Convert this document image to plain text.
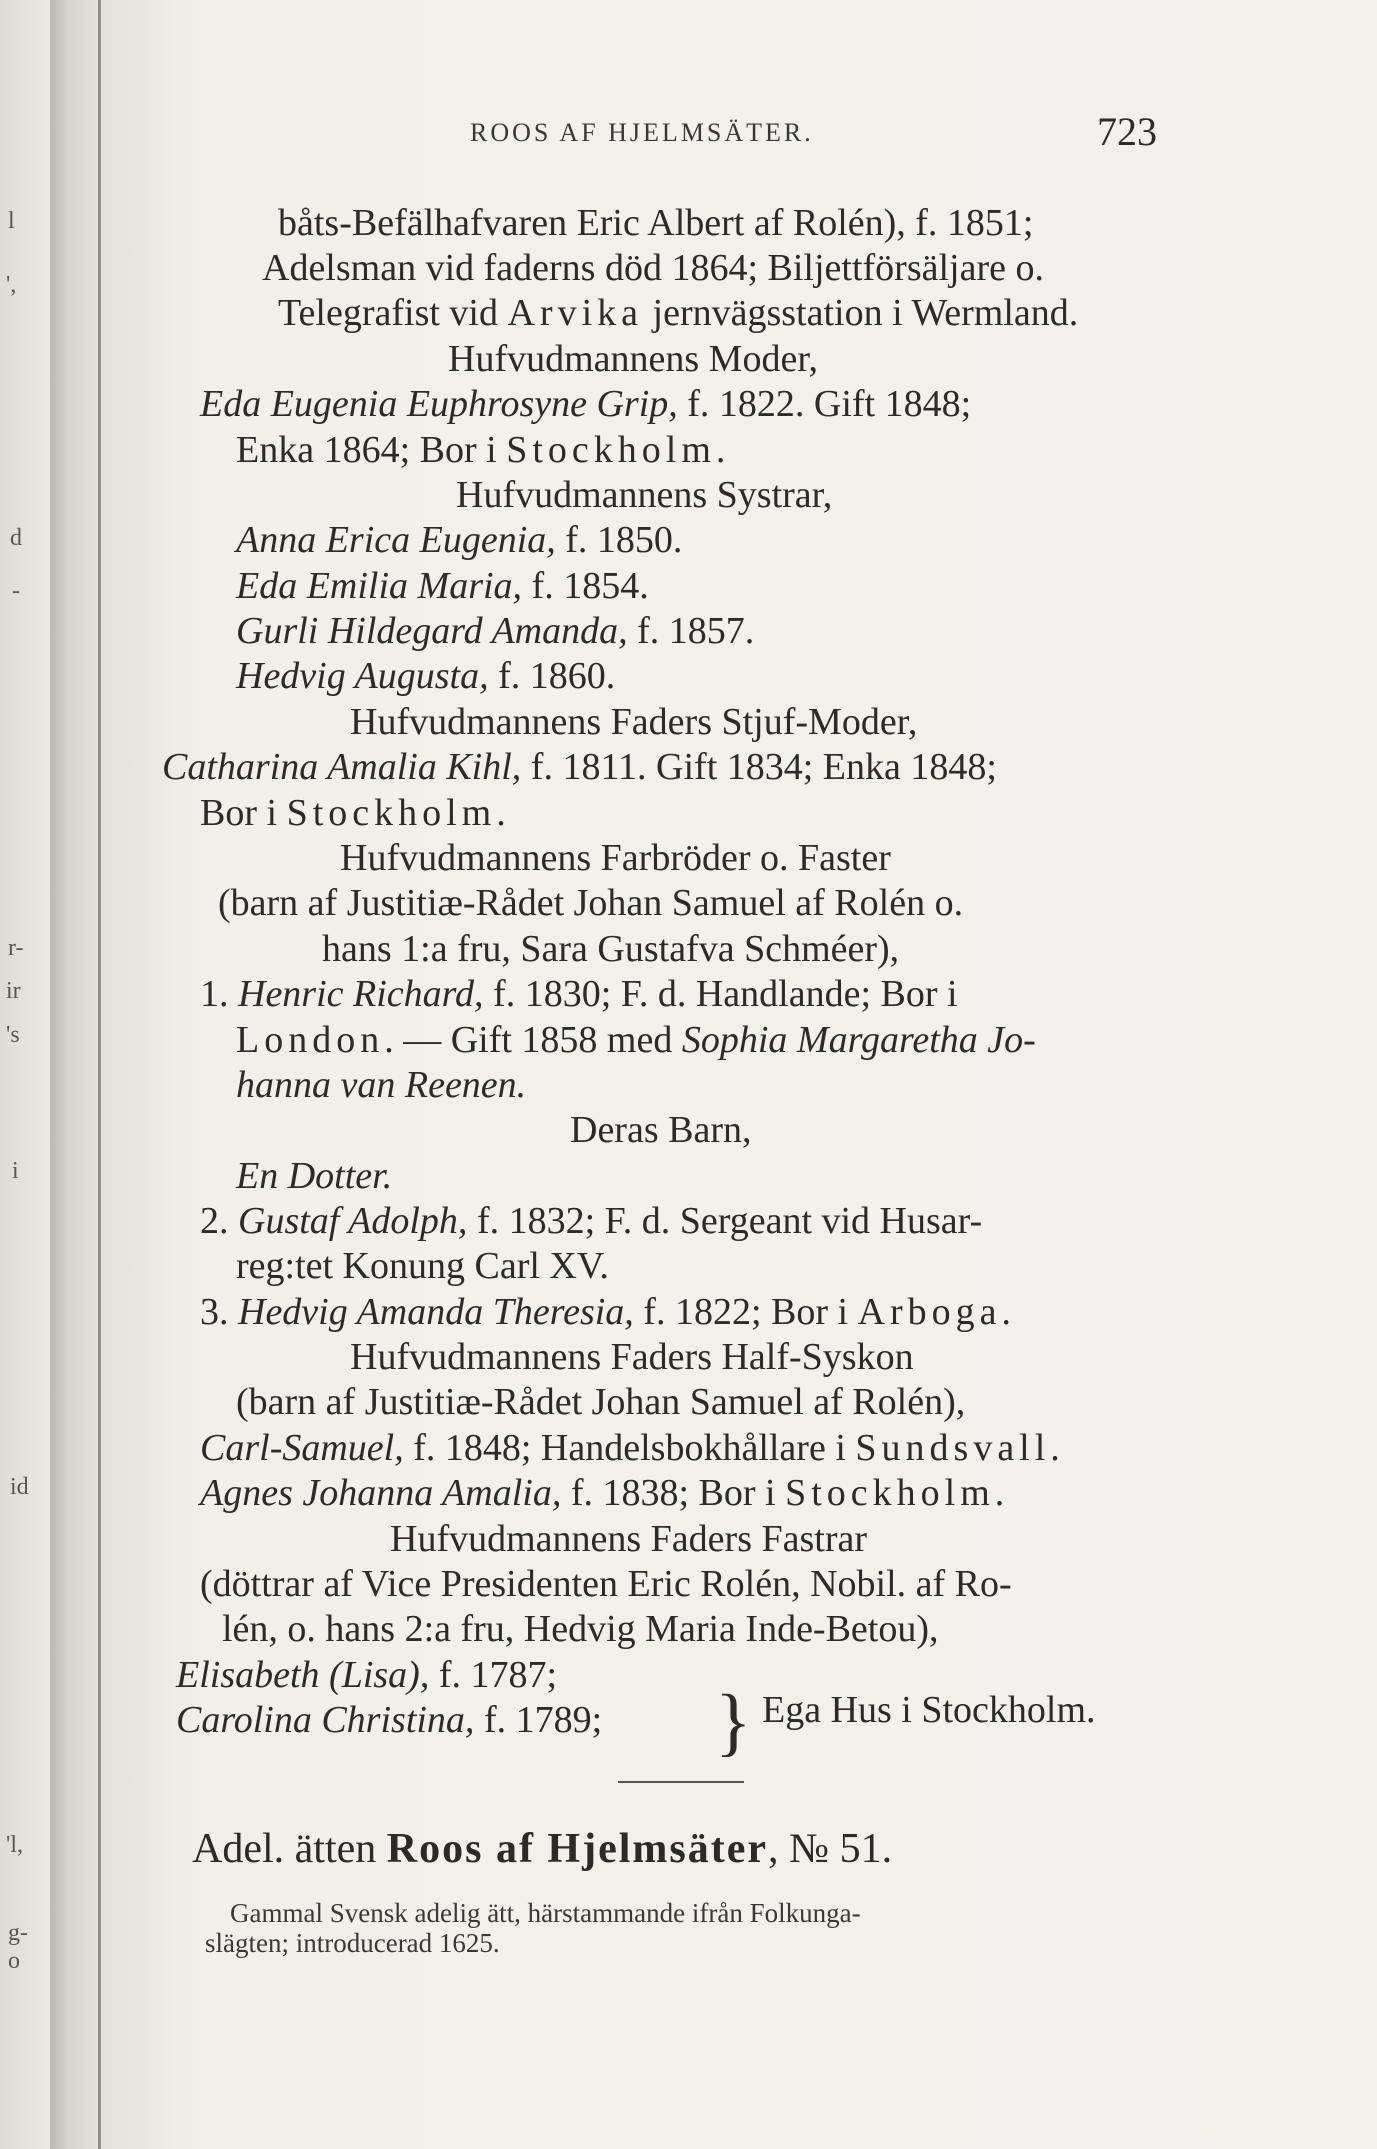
l
',
d
-
r-
ir
's
i
id
'l,
g-
o
ROOS AF HJELMSÄTER.	723
båts-Befälhafvaren Eric Albert af Rolén), f. 1851;
Adelsman vid faderns död 1864; Biljettförsäljare o.
Telegrafist vid Arvika jernvägsstation i Wermland.
Hufvudmannens Moder,
Eda Eugenia Euphrosyne Grip, f. 1822. Gift 1848;
Enka 1864; Bor i Stockholm.
Hufvudmannens Systrar,
Anna Erica Eugenia, f. 1850.
Eda Emilia Maria, f. 1854.
Gurli Hildegard Amanda, f. 1857.
Hedvig Augusta, f. 1860.
Hufvudmannens Faders Stjuf-Moder,
Catharina Amalia Kihl, f. 1811. Gift 1834; Enka 1848;
Bor i Stockholm.
Hufvudmannens Farbröder o. Faster
(barn af Justitiæ-Rådet Johan Samuel af Rolén o.
hans 1:a fru, Sara Gustafva Schméer),
1. Henric Richard, f. 1830; F. d. Handlande; Bor i
London. — Gift 1858 med Sophia Margaretha Jo-
hanna van Reenen.
Deras Barn,
En Dotter.
2. Gustaf Adolph, f. 1832; F. d. Sergeant vid Husar-
reg:tet Konung Carl XV.
3. Hedvig Amanda Theresia, f. 1822; Bor i Arboga.
Hufvudmannens Faders Half-Syskon
(barn af Justitiæ-Rådet Johan Samuel af Rolén),
Carl-Samuel, f. 1848; Handelsbokhållare i Sundsvall.
Agnes Johanna Amalia, f. 1838; Bor i Stockholm.
Hufvudmannens Faders Fastrar
(döttrar af Vice Presidenten Eric Rolén, Nobil. af Ro-
lén, o. hans 2:a fru, Hedvig Maria Inde-Betou),
Elisabeth (Lisa), f. 1787;
Carolina Christina, f. 1789; } Ega Hus i Stockholm.
Adel. ätten Roos af Hjelmsäter, № 51.
Gammal Svensk adelig ätt, härstammande ifrån Folkunga-
slägten; introducerad 1625.
